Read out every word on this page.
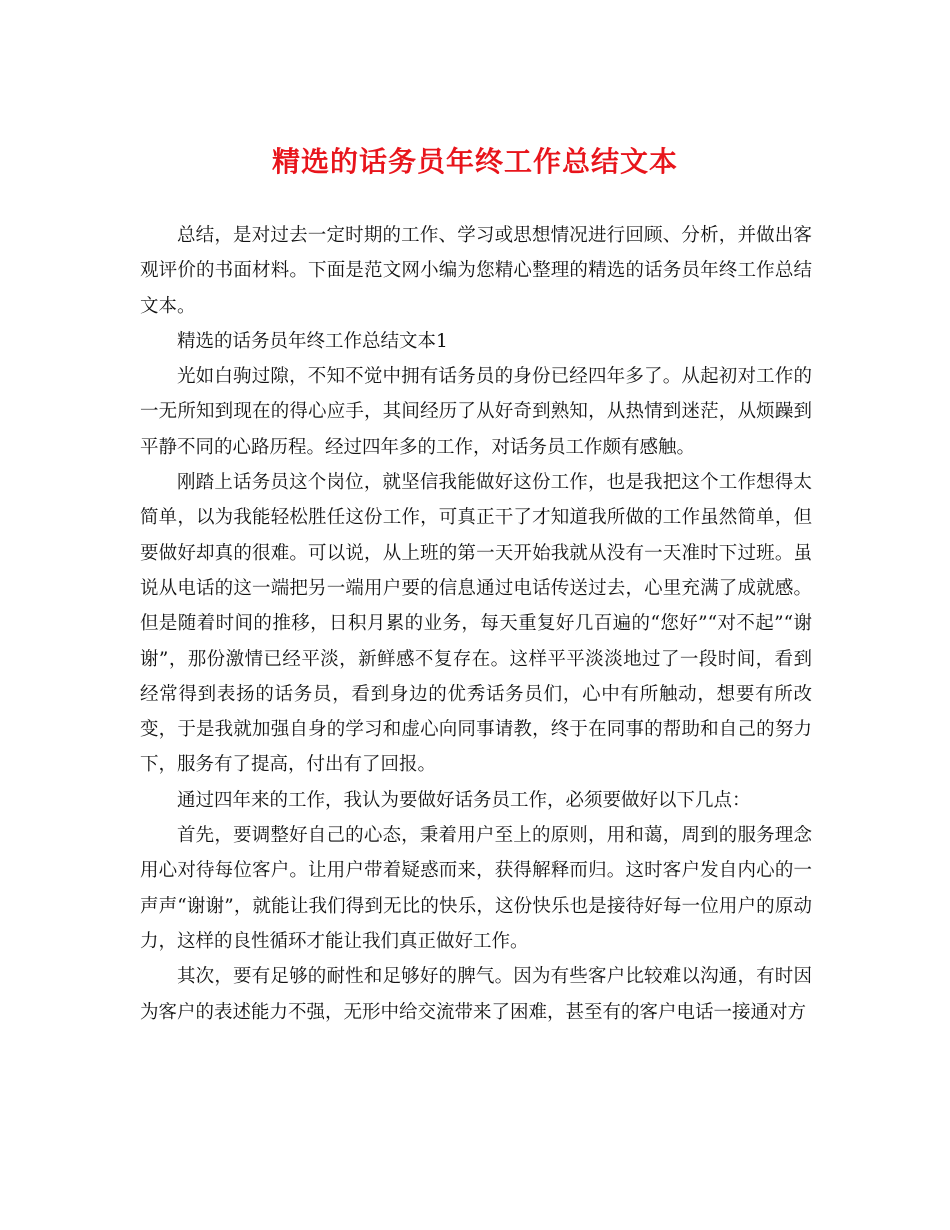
精选的话务员年终工作总结文本

总结，是对过去一定时期的工作、学习或思想情况进行回顾、分析，并做出客观评价的书面材料。下面是范文网小编为您精心整理的精选的话务员年终工作总结文本。

精选的话务员年终工作总结文本1

光如白驹过隙，不知不觉中拥有话务员的身份已经四年多了。从起初对工作的一无所知到现在的得心应手，其间经历了从好奇到熟知，从热情到迷茫，从烦躁到平静不同的心路历程。经过四年多的工作，对话务员工作颇有感触。

刚踏上话务员这个岗位，就坚信我能做好这份工作，也是我把这个工作想得太简单，以为我能轻松胜任这份工作，可真正干了才知道我所做的工作虽然简单，但要做好却真的很难。可以说，从上班的第一天开始我就从没有一天准时下过班。虽说从电话的这一端把另一端用户要的信息通过电话传送过去，心里充满了成就感。但是随着时间的推移，日积月累的业务，每天重复好几百遍的“您好”“对不起”“谢谢”，那份激情已经平淡，新鲜感不复存在。这样平平淡淡地过了一段时间，看到经常得到表扬的话务员，看到身边的优秀话务员们，心中有所触动，想要有所改变，于是我就加强自身的学习和虚心向同事请教，终于在同事的帮助和自己的努力下，服务有了提高，付出有了回报。

通过四年来的工作，我认为要做好话务员工作，必须要做好以下几点：

首先，要调整好自己的心态，秉着用户至上的原则，用和蔼，周到的服务理念用心对待每位客户。让用户带着疑惑而来，获得解释而归。这时客户发自内心的一声声“谢谢”，就能让我们得到无比的快乐，这份快乐也是接待好每一位用户的原动力，这样的良性循环才能让我们真正做好工作。

其次，要有足够的耐性和足够好的脾气。因为有些客户比较难以沟通，有时因为客户的表述能力不强，无形中给交流带来了困难，甚至有的客户电话一接通对方
